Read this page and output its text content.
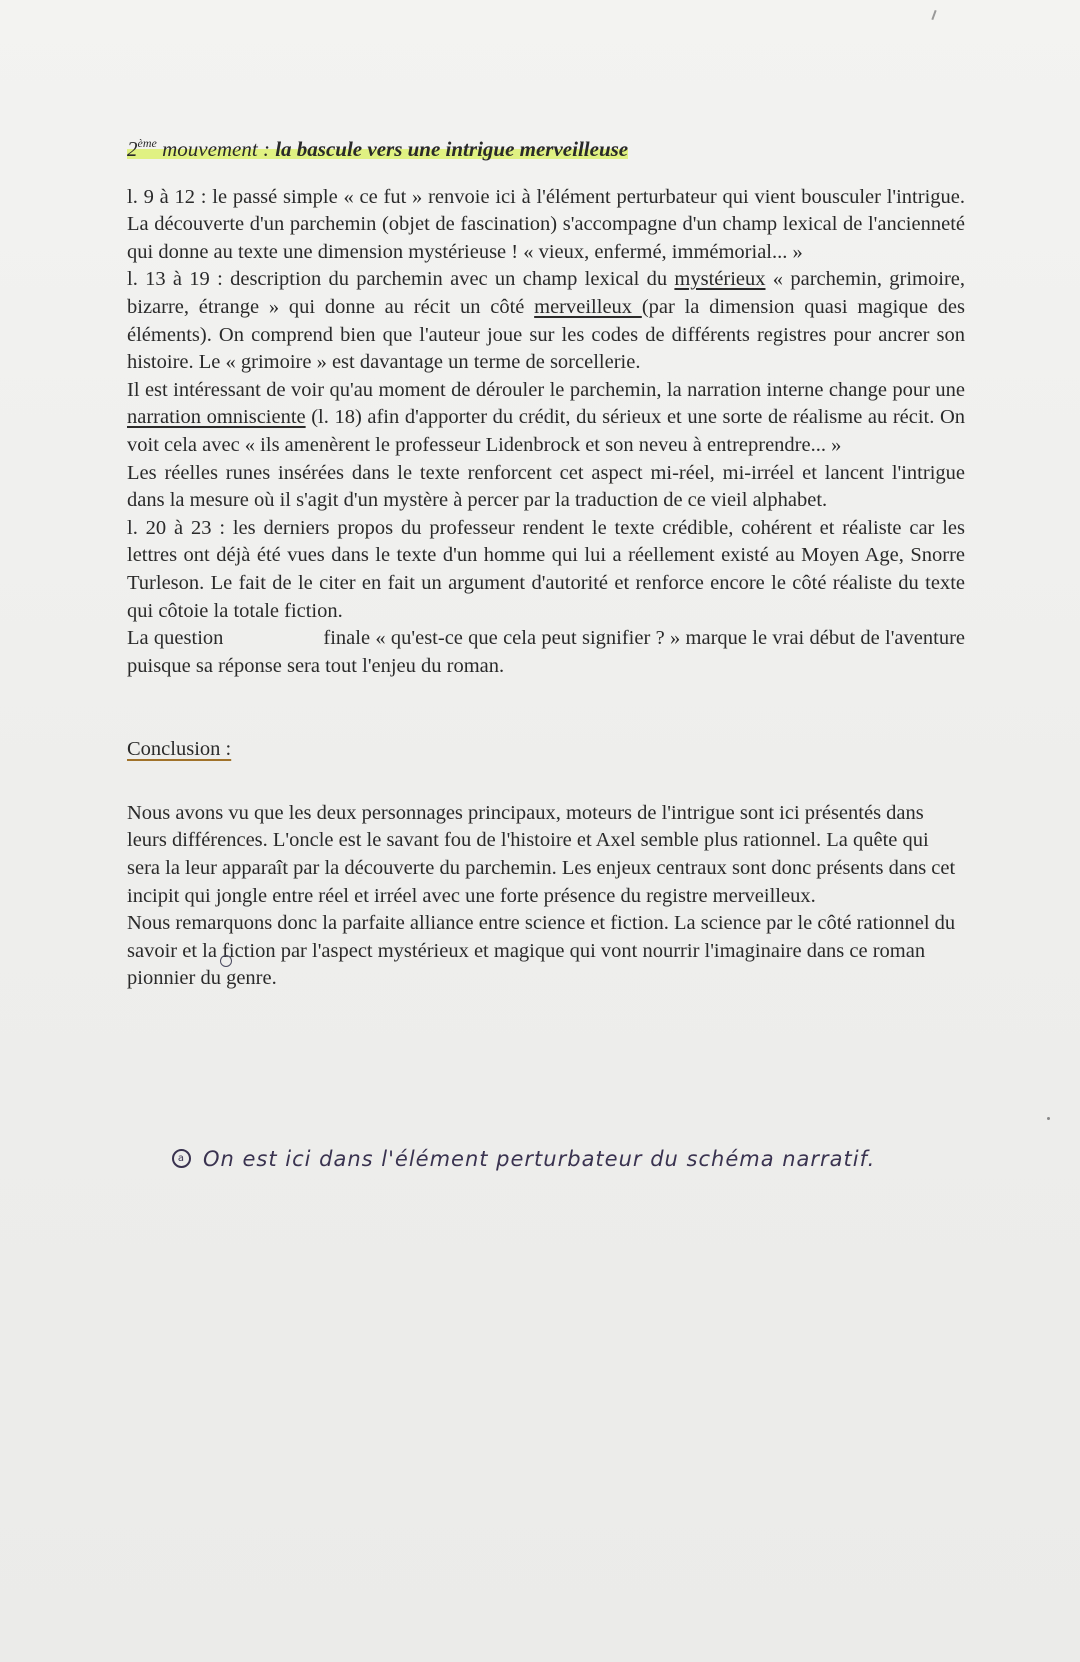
2ème mouvement : la bascule vers une intrigue merveilleuse

l. 9 à 12 : le passé simple « ce fut » renvoie ici à l'élément perturbateur qui vient bousculer l'intrigue. La découverte d'un parchemin (objet de fascination) s'accompagne d'un champ lexical de l'ancienneté qui donne au texte une dimension mystérieuse ! « vieux, enfermé, immémorial... »

l. 13 à 19 : description du parchemin avec un champ lexical du mystérieux « parchemin, grimoire, bizarre, étrange » qui donne au récit un côté merveilleux (par la dimension quasi magique des éléments). On comprend bien que l'auteur joue sur les codes de différents registres pour ancrer son histoire. Le « grimoire » est davantage un terme de sorcellerie.

Il est intéressant de voir qu'au moment de dérouler le parchemin, la narration interne change pour une narration omnisciente (l. 18) afin d'apporter du crédit, du sérieux et une sorte de réalisme au récit. On voit cela avec « ils amenèrent le professeur Lidenbrock et son neveu à entreprendre... »

Les réelles runes insérées dans le texte renforcent cet aspect mi-réel, mi-irréel et lancent l'intrigue dans la mesure où il s'agit d'un mystère à percer par la traduction de ce vieil alphabet.

l. 20 à 23 : les derniers propos du professeur rendent le texte crédible, cohérent et réaliste car les lettres ont déjà été vues dans le texte d'un homme qui lui a réellement existé au Moyen Age, Snorre Turleson. Le fait de le citer en fait un argument d'autorité et renforce encore le côté réaliste du texte qui côtoie la totale fiction.

La question	finale « qu'est-ce que cela peut signifier ? » marque le vrai début de l'aventure puisque sa réponse sera tout l'enjeu du roman.

Conclusion :

Nous avons vu que les deux personnages principaux, moteurs de l'intrigue sont ici présentés dans leurs différences. L'oncle est le savant fou de l'histoire et Axel semble plus rationnel. La quête qui sera la leur apparaît par la découverte du parchemin. Les enjeux centraux sont donc présents dans cet incipit qui jongle entre réel et irréel avec une forte présence du registre merveilleux.

Nous remarquons donc la parfaite alliance entre science et fiction. La science par le côté rationnel du savoir et la fiction par l'aspect mystérieux et magique qui vont nourrir l'imaginaire dans ce roman pionnier du genre.

a On est ici dans l'élément perturbateur du schéma narratif.
